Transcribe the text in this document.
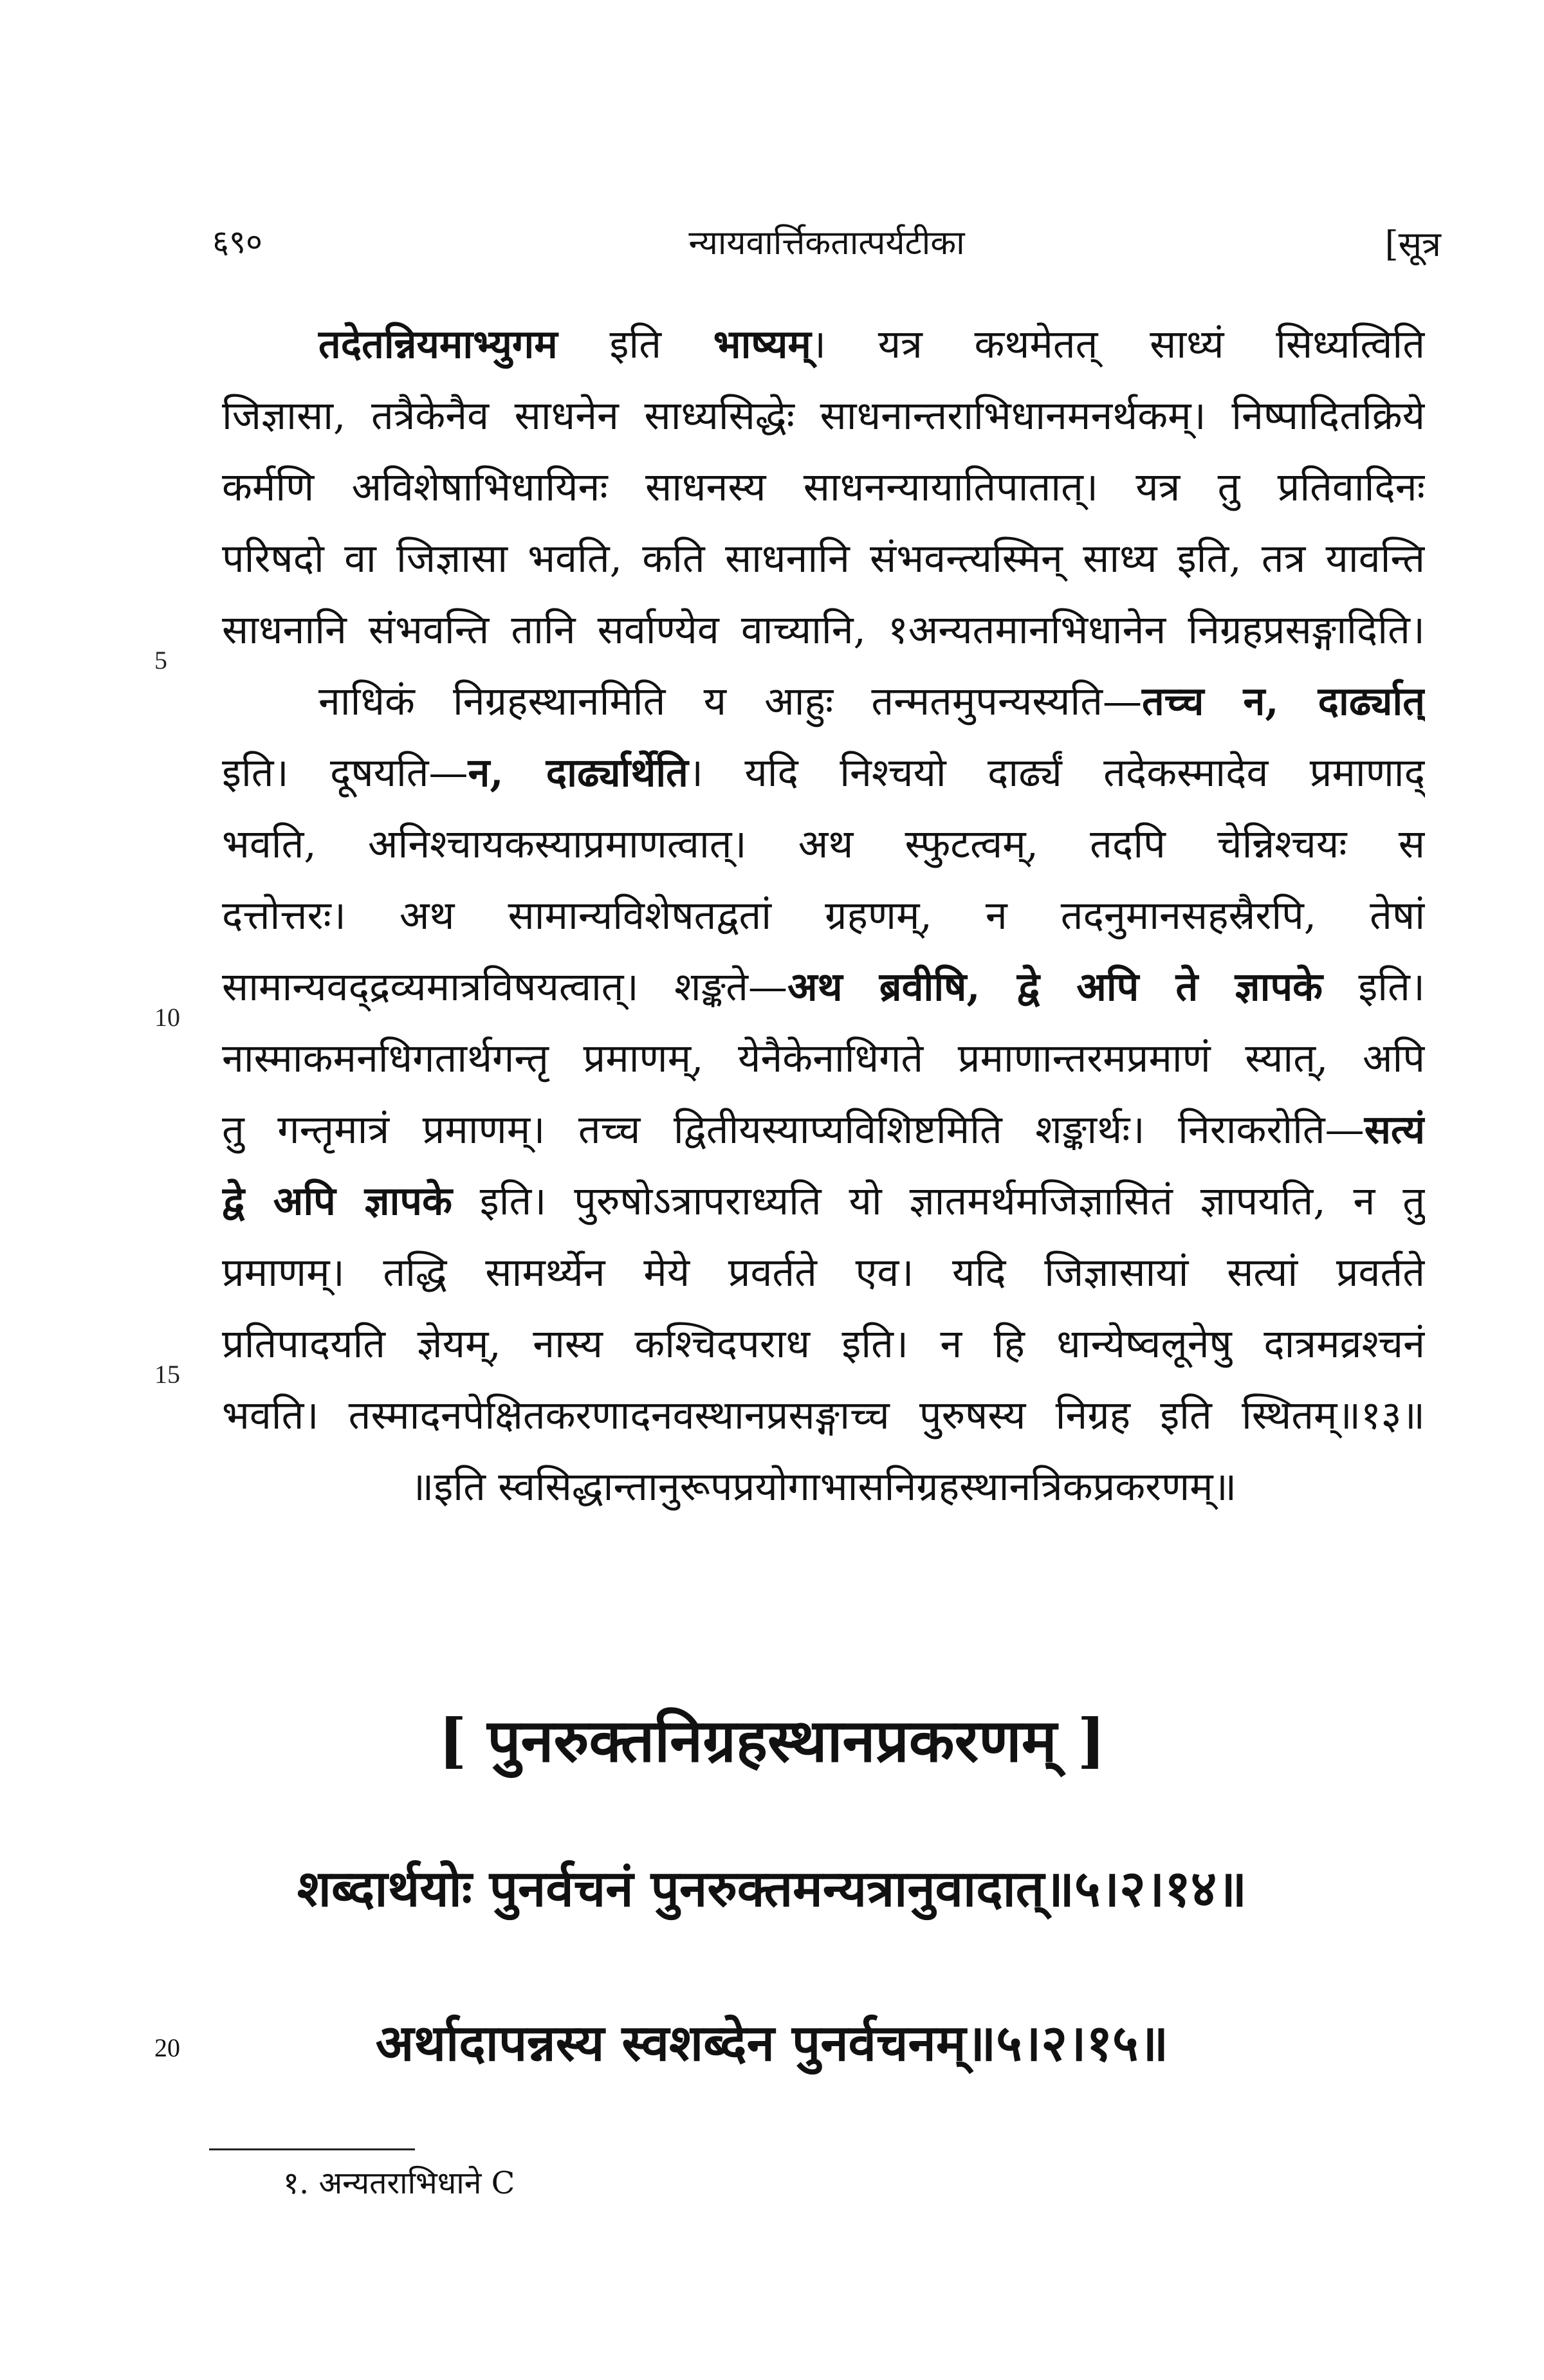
६९०	न्यायवार्त्तिकतात्पर्यटीका	[सूत्र
तदेतन्नियमाभ्युगम इति भाष्यम्। यत्र कथमेतत् साध्यं सिध्यत्विति
जिज्ञासा, तत्रैकेनैव साधनेन साध्यसिद्धेः साधनान्तराभिधानमनर्थकम्। निष्पादितक्रिये
कर्मणि अविशेषाभिधायिनः साधनस्य साधनन्यायातिपातात्। यत्र तु प्रतिवादिनः
परिषदो वा जिज्ञासा भवति, कति साधनानि संभवन्त्यस्मिन् साध्य इति, तत्र यावन्ति
साधनानि संभवन्ति तानि सर्वाण्येव वाच्यानि, १अन्यतमानभिधानेन निग्रहप्रसङ्गादिति।
नाधिकं निग्रहस्थानमिति य आहुः तन्मतमुपन्यस्यति—तच्च न, दार्ढ्यात्
इति। दूषयति—न, दार्ढ्यार्थेति। यदि निश्चयो दार्ढ्यं तदेकस्मादेव प्रमाणाद्
भवति, अनिश्चायकस्याप्रमाणत्वात्। अथ स्फुटत्वम्, तदपि चेन्निश्चयः स
दत्तोत्तरः। अथ सामान्यविशेषतद्वतां ग्रहणम्, न तदनुमानसहस्रैरपि, तेषां
सामान्यवद्द्रव्यमात्रविषयत्वात्। शङ्कते—अथ ब्रवीषि, द्वे अपि ते ज्ञापके इति।
नास्माकमनधिगतार्थगन्तृ प्रमाणम्, येनैकेनाधिगते प्रमाणान्तरमप्रमाणं स्यात्, अपि
तु गन्तृमात्रं प्रमाणम्। तच्च द्वितीयस्याप्यविशिष्टमिति शङ्कार्थः। निराकरोति—सत्यं
द्वे अपि ज्ञापके इति। पुरुषोऽत्रापराध्यति यो ज्ञातमर्थमजिज्ञासितं ज्ञापयति, न तु
प्रमाणम्। तद्धि सामर्थ्येन मेये प्रवर्तते एव। यदि जिज्ञासायां सत्यां प्रवर्तते
प्रतिपादयति ज्ञेयम्, नास्य कश्चिदपराध इति। न हि धान्येष्वलूनेषु दात्रमव्रश्चनं
भवति। तस्मादनपेक्षितकरणादनवस्थानप्रसङ्गाच्च पुरुषस्य निग्रह इति स्थितम्॥१३॥
॥इति स्वसिद्धान्तानुरूपप्रयोगाभासनिग्रहस्थानत्रिकप्रकरणम्॥
5
10
15
[ पुनरुक्तनिग्रहस्थानप्रकरणम् ]
शब्दार्थयोः पुनर्वचनं पुनरुक्तमन्यत्रानुवादात्॥५।२।१४॥
20	अर्थादापन्नस्य स्वशब्देन पुनर्वचनम्॥५।२।१५॥
१. अन्यतराभिधाने C
